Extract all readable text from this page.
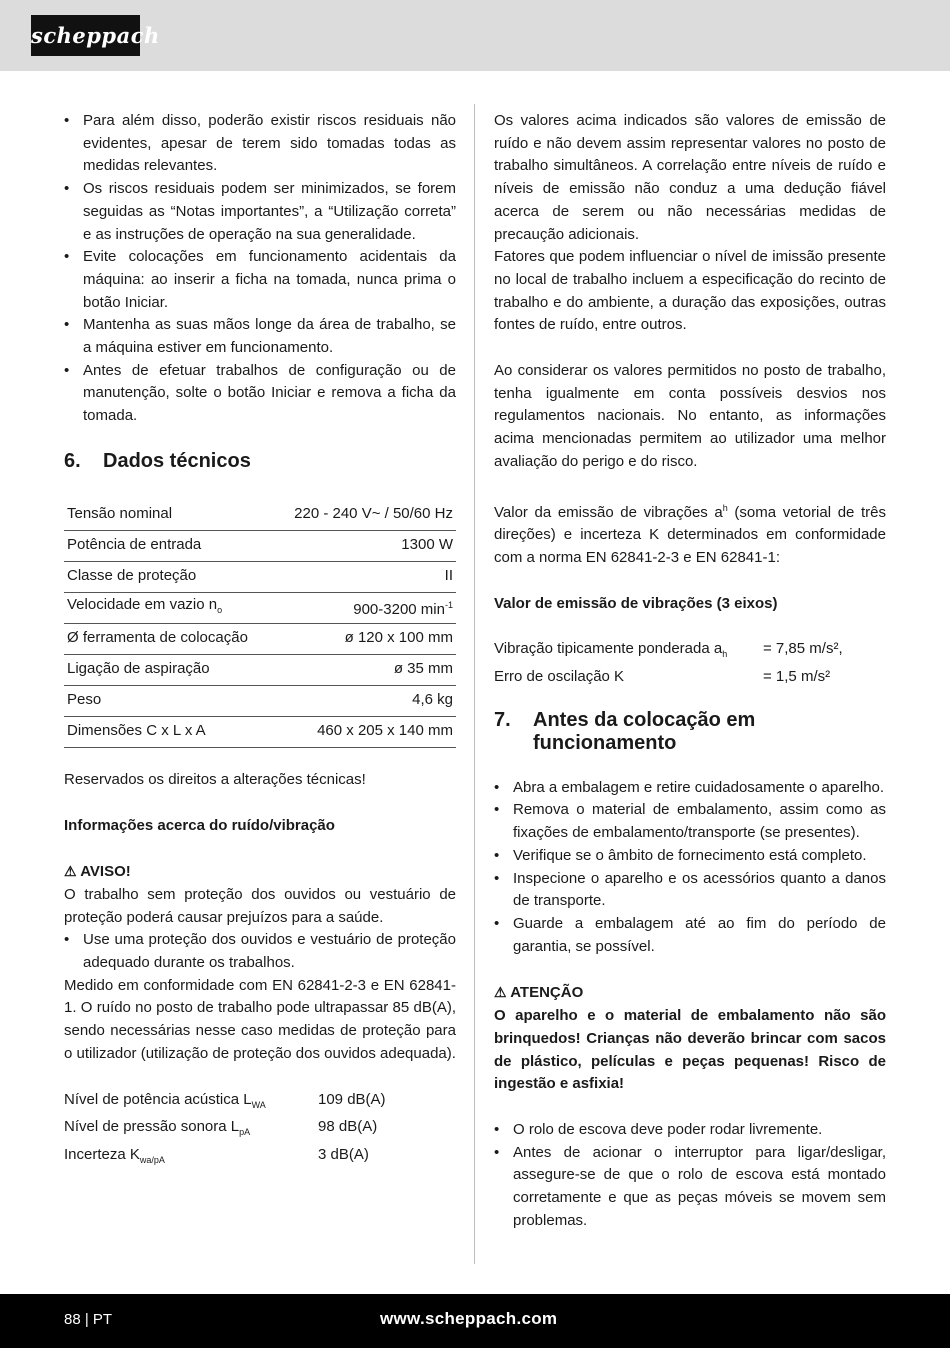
scheppach
• Para além disso, poderão existir riscos residuais não evidentes, apesar de terem sido tomadas todas as medidas relevantes.
• Os riscos residuais podem ser minimizados, se forem seguidas as “Notas importantes”, a “Utilização correta” e as instruções de operação na sua generalidade.
• Evite colocações em funcionamento acidentais da máquina: ao inserir a ficha na tomada, nunca prima o botão Iniciar.
• Mantenha as suas mãos longe da área de trabalho, se a máquina estiver em funcionamento.
• Antes de efetuar trabalhos de configuração ou de manutenção, solte o botão Iniciar e remova a ficha da tomada.
6.	Dados técnicos
Tensão nominal	220 - 240 V~ / 50/60 Hz
Potência de entrada	1300 W
Classe de proteção	II
Velocidade em vazio $n_o$	900-3200 $\min^{-1}$
Ø ferramenta de colocação	ø 120 x 100 mm
Ligação de aspiração	ø 35 mm
Peso	4,6 kg
Dimensões C x L x A	460 x 205 x 140 mm

Reservados os direitos a alterações técnicas!

Informações acerca do ruído/vibração

⚠ AVISO!

O trabalho sem proteção dos ouvidos ou vestuário de proteção poderá causar prejuízos para a saúde.

• Use uma proteção dos ouvidos e vestuário de proteção adequado durante os trabalhos.

Medido em conformidade com EN 62841-2-3 e EN 62841-1. O ruído no posto de trabalho pode ultrapassar 85 dB(A), sendo necessárias nesse caso medidas de proteção para o utilizador (utilização de proteção dos ouvidos adequada).

Nível de potência acústica $L_{WA}$	109 dB(A)
Nível de pressão sonora $L_{pA}$	98 dB(A)
Incerteza $K_{wa/pA}$	3 dB(A)

Os valores acima indicados são valores de emissão de ruído e não devem assim representar valores no posto de trabalho simultâneos. A correlação entre níveis de ruído e níveis de emissão não conduz a uma dedução fiável acerca de serem ou não necessárias medidas de precaução adicionais.

Fatores que podem influenciar o nível de imissão presente no local de trabalho incluem a especificação do recinto de trabalho e do ambiente, a duração das exposições, outras fontes de ruído, entre outros.

Ao considerar os valores permitidos no posto de trabalho, tenha igualmente em conta possíveis desvios nos regulamentos nacionais. No entanto, as informações acima mencionadas permitem ao utilizador uma melhor avaliação do perigo e do risco.

Valor da emissão de vibrações $a^h$ (soma vetorial de três direções) e incerteza K determinados em conformidade com a norma EN 62841-2-3 e EN 62841-1:

Valor de emissão de vibrações (3 eixos)

Vibração tipicamente ponderada $a_h$	= 7,85 m/s²,
Erro de oscilação K	= 1,5 m/s²
7.	Antes da colocação em funcionamento
• Abra a embalagem e retire cuidadosamente o aparelho.
• Remova o material de embalamento, assim como as fixações de embalamento/transporte (se presentes).
• Verifique se o âmbito de fornecimento está completo.
• Inspecione o aparelho e os acessórios quanto a danos de transporte.
• Guarde a embalagem até ao fim do período de garantia, se possível.

⚠ ATENÇÃO

O aparelho e o material de embalamento não são brinquedos! Crianças não deverão brincar com sacos de plástico, películas e peças pequenas! Risco de ingestão e asfixia!

• O rolo de escova deve poder rodar livremente.
• Antes de acionar o interruptor para ligar/desligar, assegure-se de que o rolo de escova está montado corretamente e que as peças móveis se movem sem problemas.
88 | PT	www.scheppach.com
